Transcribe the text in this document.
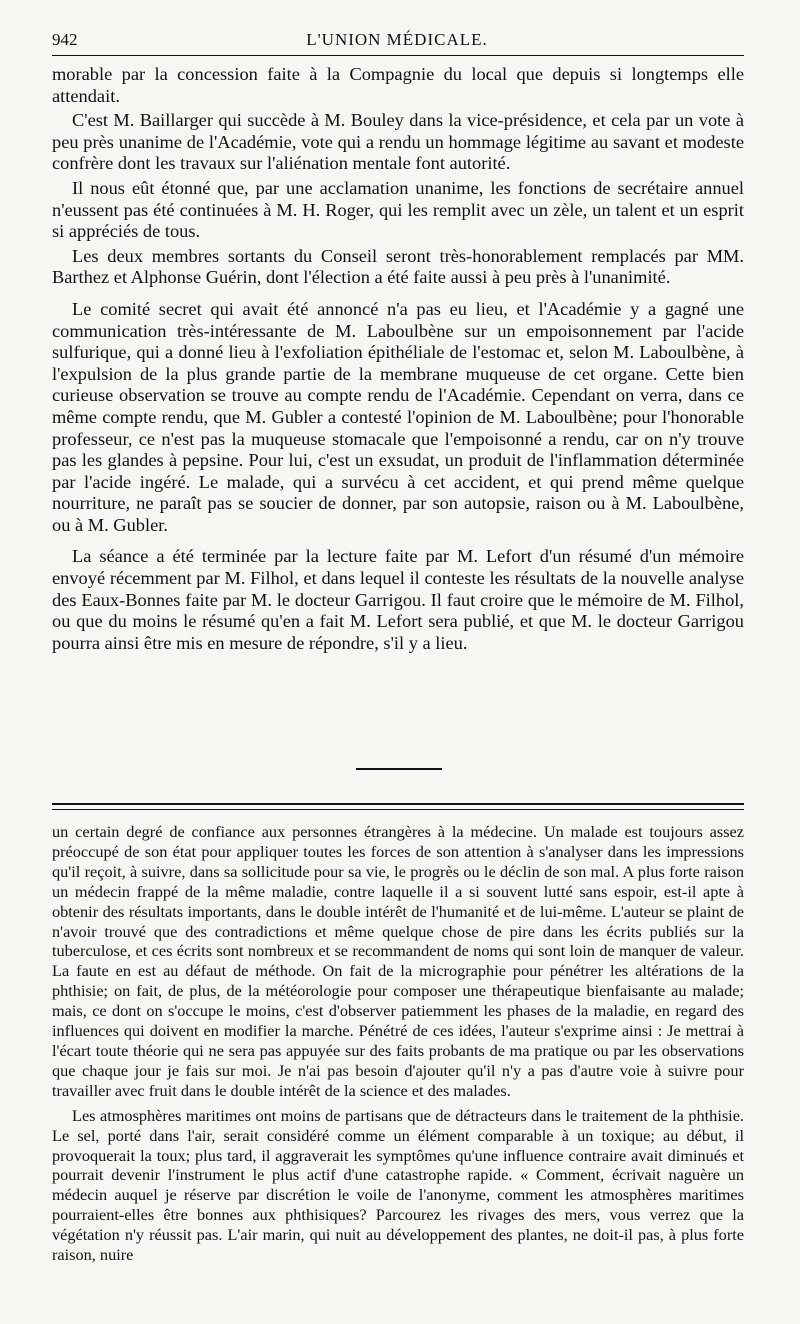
942	L'UNION MÉDICALE.

morable par la concession faite à la Compagnie du local que depuis si longtemps elle attendait.

C'est M. Baillarger qui succède à M. Bouley dans la vice-présidence, et cela par un vote à peu près unanime de l'Académie, vote qui a rendu un hommage légitime au savant et modeste confrère dont les travaux sur l'aliénation mentale font autorité.

Il nous eût étonné que, par une acclamation unanime, les fonctions de secrétaire annuel n'eussent pas été continuées à M. H. Roger, qui les remplit avec un zèle, un talent et un esprit si appréciés de tous.

Les deux membres sortants du Conseil seront très-honorablement remplacés par MM. Barthez et Alphonse Guérin, dont l'élection a été faite aussi à peu près à l'unanimité.

Le comité secret qui avait été annoncé n'a pas eu lieu, et l'Académie y a gagné une communication très-intéressante de M. Laboulbène sur un empoisonnement par l'acide sulfurique, qui a donné lieu à l'exfoliation épithéliale de l'estomac et, selon M. Laboulbène, à l'expulsion de la plus grande partie de la membrane muqueuse de cet organe. Cette bien curieuse observation se trouve au compte rendu de l'Académie. Cependant on verra, dans ce même compte rendu, que M. Gubler a contesté l'opinion de M. Laboulbène; pour l'honorable professeur, ce n'est pas la muqueuse stomacale que l'empoisonné a rendu, car on n'y trouve pas les glandes à pepsine. Pour lui, c'est un exsudat, un produit de l'inflammation déterminée par l'acide ingéré. Le malade, qui a survécu à cet accident, et qui prend même quelque nourriture, ne paraît pas se soucier de donner, par son autopsie, raison ou à M. Laboulbène, ou à M. Gubler.

La séance a été terminée par la lecture faite par M. Lefort d'un résumé d'un mémoire envoyé récemment par M. Filhol, et dans lequel il conteste les résultats de la nouvelle analyse des Eaux-Bonnes faite par M. le docteur Garrigou. Il faut croire que le mémoire de M. Filhol, ou que du moins le résumé qu'en a fait M. Lefort sera publié, et que M. le docteur Garrigou pourra ainsi être mis en mesure de répondre, s'il y a lieu.

un certain degré de confiance aux personnes étrangères à la médecine. Un malade est toujours assez préoccupé de son état pour appliquer toutes les forces de son attention à s'analyser dans les impressions qu'il reçoit, à suivre, dans sa sollicitude pour sa vie, le progrès ou le déclin de son mal. A plus forte raison un médecin frappé de la même maladie, contre laquelle il a si souvent lutté sans espoir, est-il apte à obtenir des résultats importants, dans le double intérêt de l'humanité et de lui-même. L'auteur se plaint de n'avoir trouvé que des contradictions et même quelque chose de pire dans les écrits publiés sur la tuberculose, et ces écrits sont nombreux et se recommandent de noms qui sont loin de manquer de valeur. La faute en est au défaut de méthode. On fait de la micrographie pour pénétrer les altérations de la phthisie; on fait, de plus, de la météorologie pour composer une thérapeutique bienfaisante au malade; mais, ce dont on s'occupe le moins, c'est d'observer patiemment les phases de la maladie, en regard des influences qui doivent en modifier la marche. Pénétré de ces idées, l'auteur s'exprime ainsi : Je mettrai à l'écart toute théorie qui ne sera pas appuyée sur des faits probants de ma pratique ou par les observations que chaque jour je fais sur moi. Je n'ai pas besoin d'ajouter qu'il n'y a pas d'autre voie à suivre pour travailler avec fruit dans le double intérêt de la science et des malades.

Les atmosphères maritimes ont moins de partisans que de détracteurs dans le traitement de la phthisie. Le sel, porté dans l'air, serait considéré comme un élément comparable à un toxique; au début, il provoquerait la toux; plus tard, il aggraverait les symptômes qu'une influence contraire avait diminués et pourrait devenir l'instrument le plus actif d'une catastrophe rapide. « Comment, écrivait naguère un médecin auquel je réserve par discrétion le voile de l'anonyme, comment les atmosphères maritimes pourraient-elles être bonnes aux phthisiques? Parcourez les rivages des mers, vous verrez que la végétation n'y réussit pas. L'air marin, qui nuit au développement des plantes, ne doit-il pas, à plus forte raison, nuire
